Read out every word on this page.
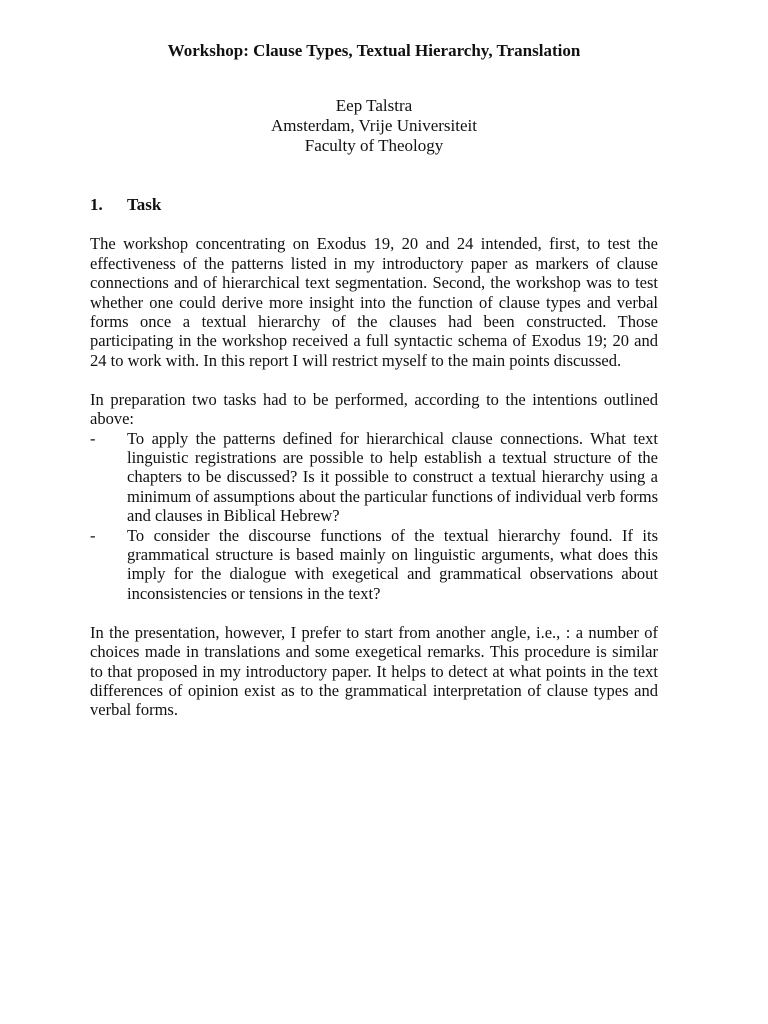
Workshop: Clause Types, Textual Hierarchy, Translation
Eep Talstra
Amsterdam, Vrije Universiteit
Faculty of Theology
1.	Task

The workshop concentrating on Exodus 19, 20 and 24 intended, first, to test the effectiveness of the patterns listed in my introductory paper as markers of clause connections and of hierarchical text segmentation. Second, the workshop was to test whether one could derive more insight into the function of clause types and verbal forms once a textual hierarchy of the clauses had been constructed. Those participating in the workshop received a full syntactic schema of Exodus 19; 20 and 24 to work with. In this report I will restrict myself to the main points discussed.

In preparation two tasks had to be performed, according to the intentions outlined above:

-	To apply the patterns defined for hierarchical clause connections. What text linguistic registrations are possible to help establish a textual structure of the chapters to be discussed? Is it possible to construct a textual hierarchy using a minimum of assumptions about the particular functions of individual verb forms and clauses in Biblical Hebrew?
-	To consider the discourse functions of the textual hierarchy found. If its grammatical structure is based mainly on linguistic arguments, what does this imply for the dialogue with exegetical and grammatical observations about inconsistencies or tensions in the text?

In the presentation, however, I prefer to start from another angle, i.e., : a number of choices made in translations and some exegetical remarks. This procedure is similar to that proposed in my introductory paper. It helps to detect at what points in the text differences of opinion exist as to the grammatical interpretation of clause types and verbal forms.
